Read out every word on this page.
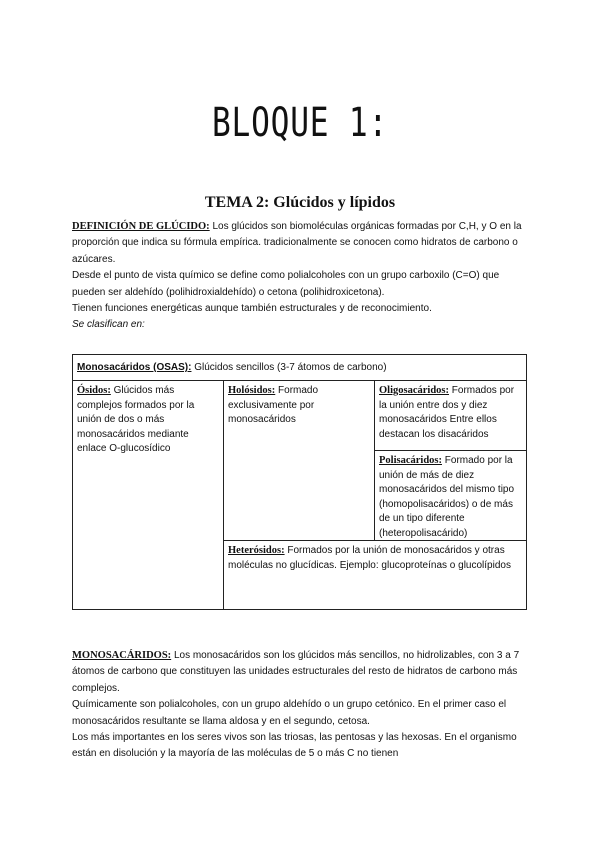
BLOQUE 1:
TEMA 2: Glúcidos y lípidos

DEFINICIÓN DE GLÚCIDO: Los glúcidos son biomoléculas orgánicas formadas por C,H, y O en la proporción que indica su fórmula empírica. tradicionalmente se conocen como hidratos de carbono o azúcares.

Desde el punto de vista químico se define como polialcoholes con un grupo carboxilo (C=O) que pueden ser aldehído (polihidroxialdehído) o cetona (polihidroxicetona).

Tienen funciones energéticas aunque también estructurales y de reconocimiento.

Se clasifican en:

Monosacáridos (OSAS): Glúcidos sencillos (3-7 átomos de carbono)
Ósidos: Glúcidos más complejos formados por la unión de dos o más monosacáridos mediante enlace O-glucosídico
Holósidos: Formado exclusivamente por monosacáridos
Oligosacáridos: Formados por la unión entre dos y diez monosacáridos Entre ellos destacan los disacáridos
Polisacáridos: Formado por la unión de más de diez monosacáridos del mismo tipo (homopolisacáridos) o de más de un tipo diferente (heteropolisacárido)
Heterósidos: Formados por la unión de monosacáridos y otras moléculas no glucídicas. Ejemplo: glucoproteínas o glucolípidos

MONOSACÁRIDOS: Los monosacáridos son los glúcidos más sencillos, no hidrolizables, con 3 a 7 átomos de carbono que constituyen las unidades estructurales del resto de hidratos de carbono más complejos.

Químicamente son polialcoholes, con un grupo aldehído o un grupo cetónico. En el primer caso el monosacáridos resultante se llama aldosa y en el segundo, cetosa.

Los más importantes en los seres vivos son las triosas, las pentosas y las hexosas. En el organismo están en disolución y la mayoría de las moléculas de 5 o más C no tienen
